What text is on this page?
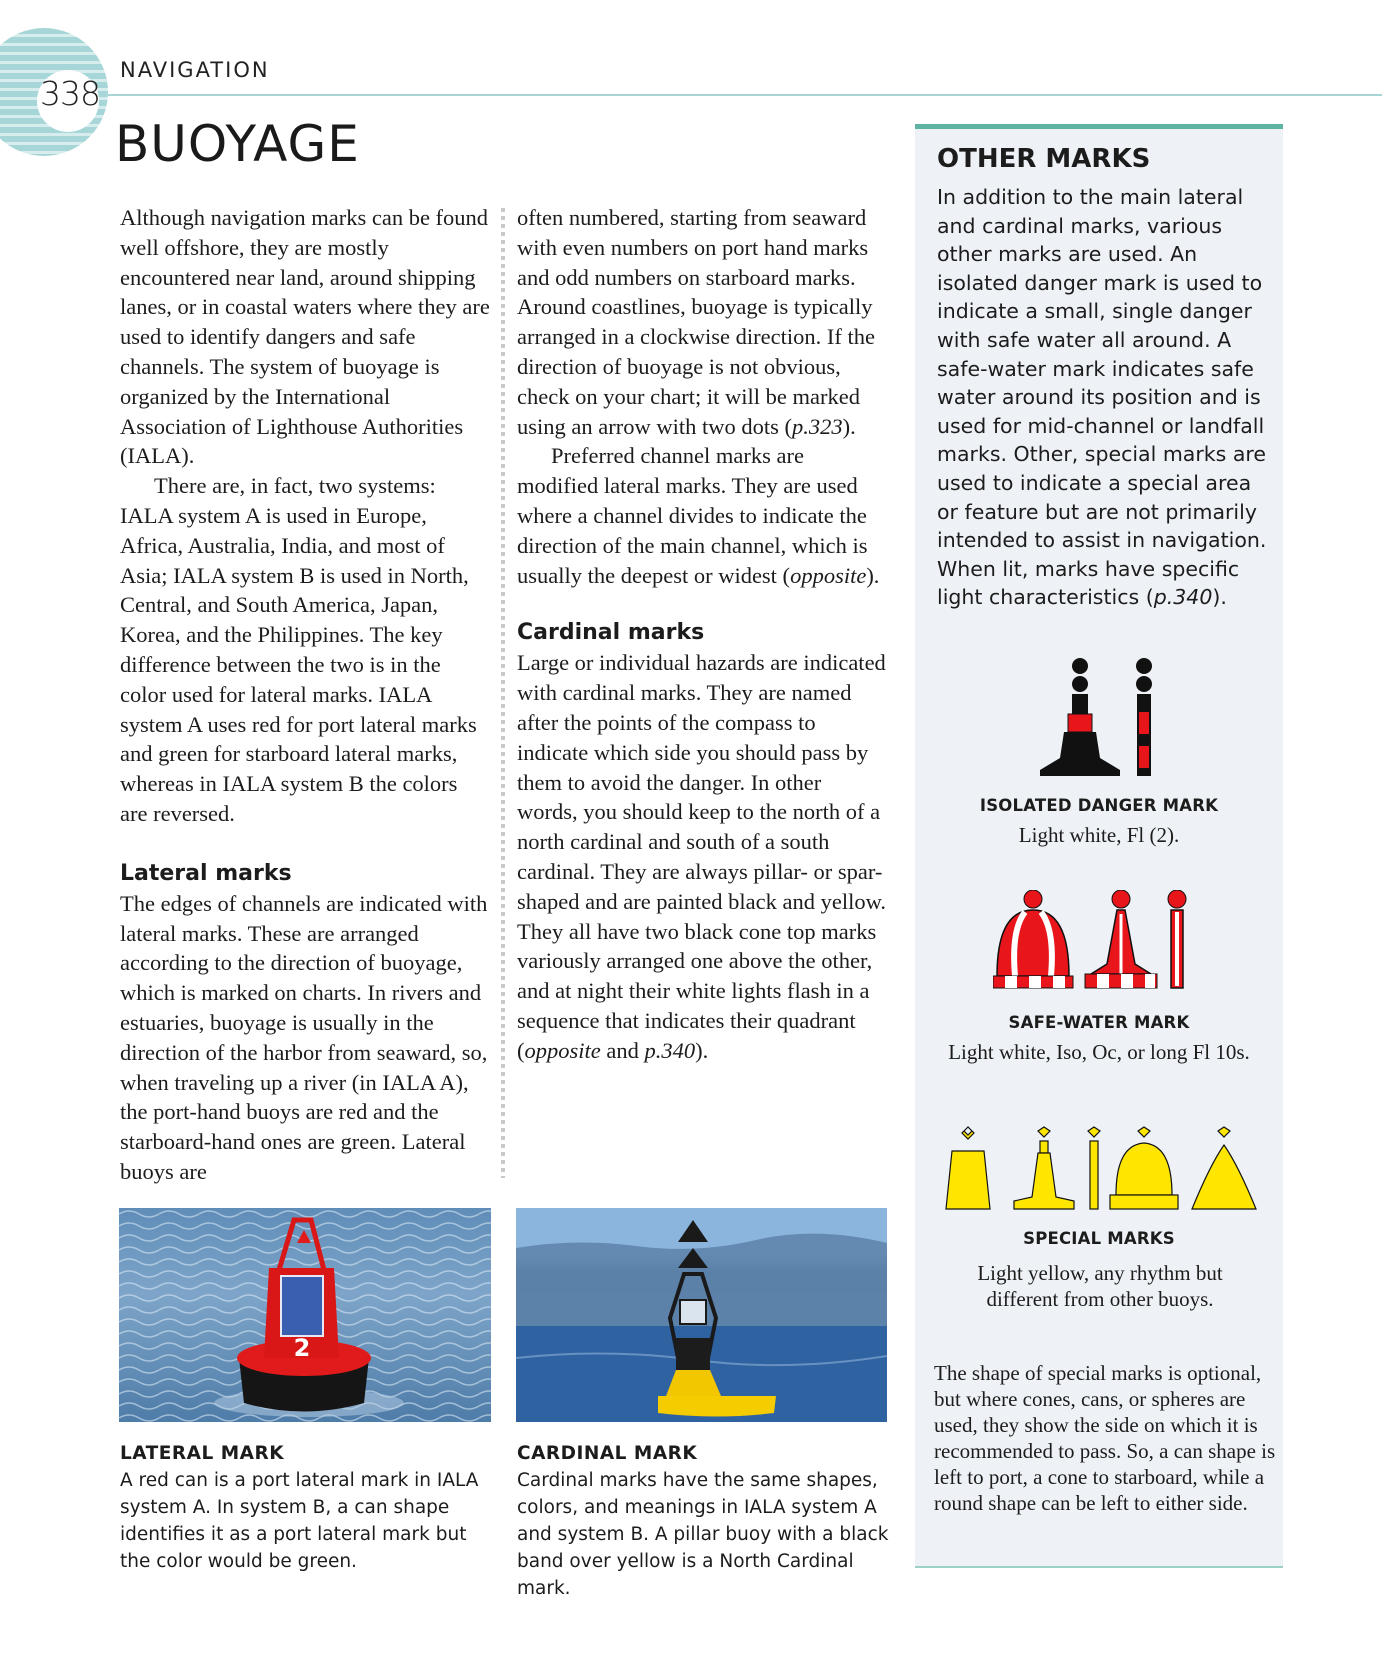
338
NAVIGATION
BUOYAGE

Although navigation marks can be found well offshore, they are mostly encountered near land, around shipping lanes, or in coastal waters where they are used to identify dangers and safe channels. The system of buoyage is organized by the International Association of Lighthouse Authorities (IALA).

There are, in fact, two systems: IALA system A is used in Europe, Africa, Australia, India, and most of Asia; IALA system B is used in North, Central, and South America, Japan, Korea, and the Philippines. The key difference between the two is in the color used for lateral marks. IALA system A uses red for port lateral marks and green for starboard lateral marks, whereas in IALA system B the colors are reversed.

Lateral marks

The edges of channels are indicated with lateral marks. These are arranged according to the direction of buoyage, which is marked on charts. In rivers and estuaries, buoyage is usually in the direction of the harbor from seaward, so, when traveling up a river (in IALA A), the port-hand buoys are red and the starboard-hand ones are green. Lateral buoys are

often numbered, starting from seaward with even numbers on port hand marks and odd numbers on starboard marks.

Around coastlines, buoyage is typically arranged in a clockwise direction. If the direction of buoyage is not obvious, check on your chart; it will be marked using an arrow with two dots (p.323).

Preferred channel marks are modified lateral marks. They are used where a channel divides to indicate the direction of the main channel, which is usually the deepest or widest (opposite).

Cardinal marks

Large or individual hazards are indicated with cardinal marks. They are named after the points of the compass to indicate which side you should pass by them to avoid the danger. In other words, you should keep to the north of a north cardinal and south of a south cardinal. They are always pillar- or spar-shaped and are painted black and yellow. They all have two black cone top marks variously arranged one above the other, and at night their white lights flash in a sequence that indicates their quadrant (opposite and p.340).

2

LATERAL MARK

A red can is a port lateral mark in IALA system A. In system B, a can shape identifies it as a port lateral mark but the color would be green.

CARDINAL MARK

Cardinal marks have the same shapes, colors, and meanings in IALA system A and system B. A pillar buoy with a black band over yellow is a North Cardinal mark.

OTHER MARKS

In addition to the main lateral and cardinal marks, various other marks are used. An isolated danger mark is used to indicate a small, single danger with safe water all around. A safe-water mark indicates safe water around its position and is used for mid-channel or landfall marks. Other, special marks are used to indicate a special area or feature but are not primarily intended to assist in navigation. When lit, marks have specific light characteristics (p.340).

ISOLATED DANGER MARK
Light white, Fl (2).
SAFE-WATER MARK
Light white, Iso, Oc, or long Fl 10s.
SPECIAL MARKS
Light yellow, any rhythm but different from other buoys.

The shape of special marks is optional, but where cones, cans, or spheres are used, they show the side on which it is recommended to pass. So, a can shape is left to port, a cone to starboard, while a round shape can be left to either side.
